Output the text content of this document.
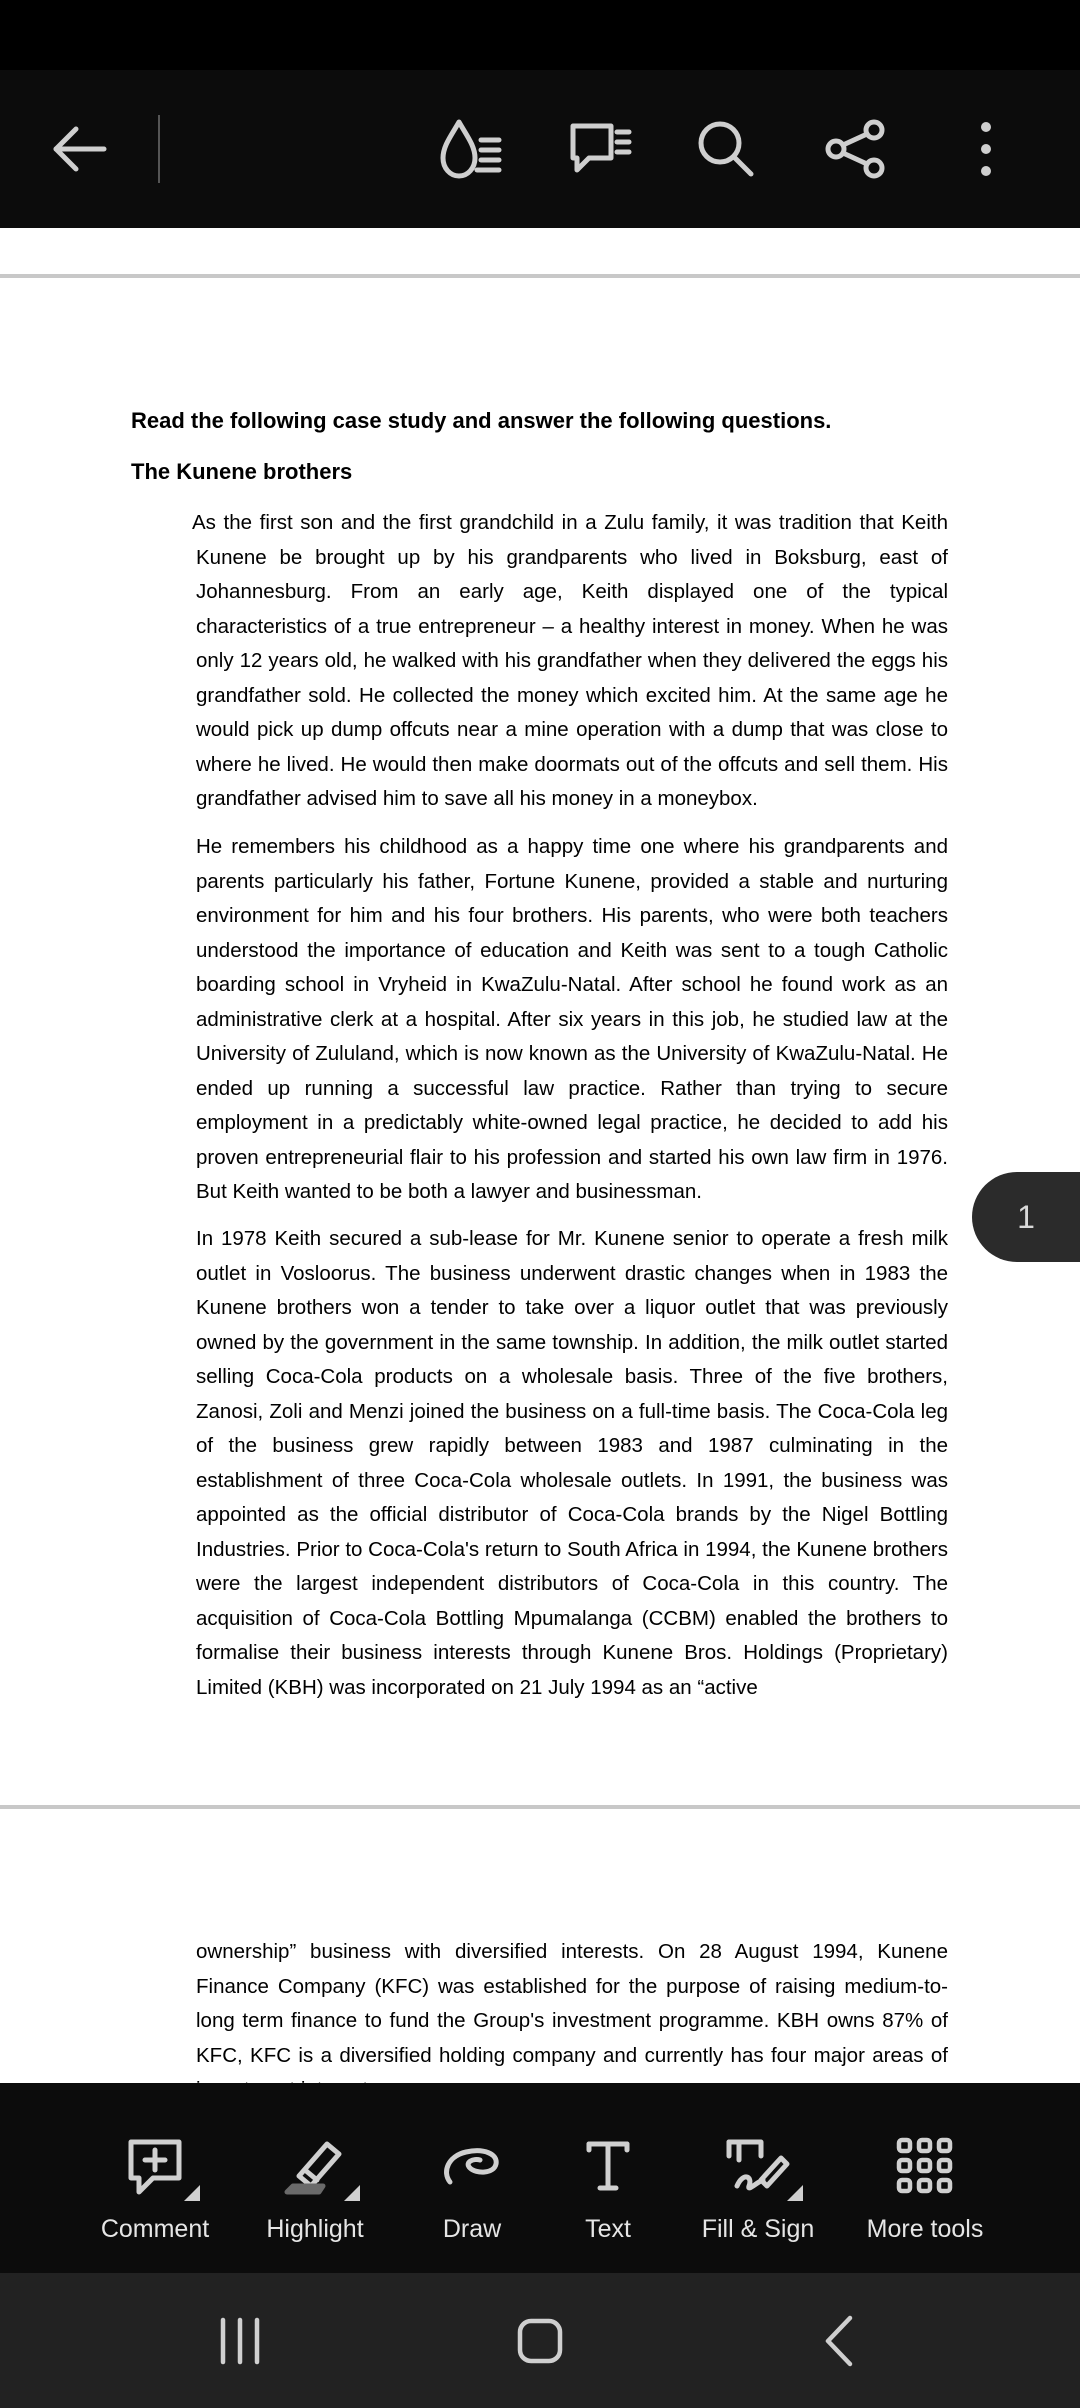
Read the following case study and answer the following questions.
The Kunene brothers
As the first son and the first grandchild in a Zulu family, it was tradition that Keith Kunene be brought up by his grandparents who lived in Boksburg, east of Johannesburg. From an early age, Keith displayed one of the typical characteristics of a true entrepreneur – a healthy interest in money. When he was only 12 years old, he walked with his grandfather when they delivered the eggs his grandfather sold. He collected the money which excited him. At the same age he would pick up dump offcuts near a mine operation with a dump that was close to where he lived. He would then make doormats out of the offcuts and sell them. His grandfather advised him to save all his money in a moneybox.
He remembers his childhood as a happy time one where his grandparents and parents particularly his father, Fortune Kunene, provided a stable and nurturing environment for him and his four brothers. His parents, who were both teachers understood the importance of education and Keith was sent to a tough Catholic boarding school in Vryheid in KwaZulu-Natal. After school he found work as an administrative clerk at a hospital. After six years in this job, he studied law at the University of Zululand, which is now known as the University of KwaZulu-Natal. He ended up running a successful law practice. Rather than trying to secure employment in a predictably white-owned legal practice, he decided to add his proven entrepreneurial flair to his profession and started his own law firm in 1976. But Keith wanted to be both a lawyer and businessman.
In 1978 Keith secured a sub-lease for Mr. Kunene senior to operate a fresh milk outlet in Vosloorus. The business underwent drastic changes when in 1983 the Kunene brothers won a tender to take over a liquor outlet that was previously owned by the government in the same township. In addition, the milk outlet started selling Coca-Cola products on a wholesale basis. Three of the five brothers, Zanosi, Zoli and Menzi joined the business on a full-time basis. The Coca-Cola leg of the business grew rapidly between 1983 and 1987 culminating in the establishment of three Coca-Cola wholesale outlets. In 1991, the business was appointed as the official distributor of Coca-Cola brands by the Nigel Bottling Industries. Prior to Coca-Cola's return to South Africa in 1994, the Kunene brothers were the largest independent distributors of Coca-Cola in this country. The acquisition of Coca-Cola Bottling Mpumalanga (CCBM) enabled the brothers to formalise their business interests through Kunene Bros. Holdings (Proprietary) Limited (KBH) was incorporated on 21 July 1994 as an “active
1
ownership” business with diversified interests. On 28 August 1994, Kunene Finance Company (KFC) was established for the purpose of raising medium-to-long term finance to fund the Group's investment programme. KBH owns 87% of KFC, KFC is a diversified holding company and currently has four major areas of
Comment Highlight	Draw	Text	Fill & Sign More tools
